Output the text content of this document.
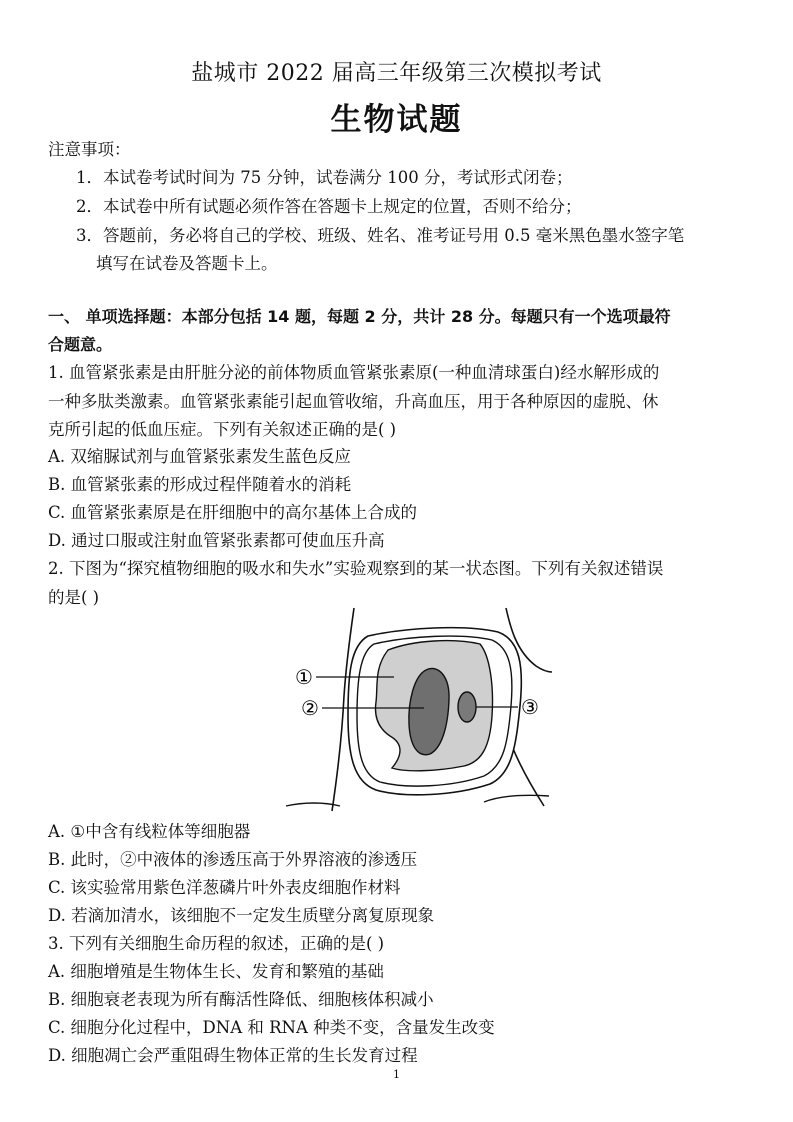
盐城市 2022 届高三年级第三次模拟考试
生物试题
注意事项：
1．本试卷考试时间为 75 分钟，试卷满分 100 分，考试形式闭卷；
2．本试卷中所有试题必须作答在答题卡上规定的位置，否则不给分；
3．答题前，务必将自己的学校、班级、姓名、准考证号用 0.5 毫米黑色墨水签字笔
填写在试卷及答题卡上。
一、 单项选择题：本部分包括 14 题，每题 2 分，共计 28 分。每题只有一个选项最符
合题意。
1. 血管紧张素是由肝脏分泌的前体物质血管紧张素原(一种血清球蛋白)经水解形成的
一种多肽类激素。血管紧张素能引起血管收缩，升高血压，用于各种原因的虚脱、休
克所引起的低血压症。下列有关叙述正确的是( )
A. 双缩脲试剂与血管紧张素发生蓝色反应
B. 血管紧张素的形成过程伴随着水的消耗
C. 血管紧张素原是在肝细胞中的高尔基体上合成的
D. 通过口服或注射血管紧张素都可使血压升高
2. 下图为“探究植物细胞的吸水和失水”实验观察到的某一状态图。下列有关叙述错误
的是( )
①
②	③
A. ①中含有线粒体等细胞器
B. 此时，②中液体的渗透压高于外界溶液的渗透压
C. 该实验常用紫色洋葱磷片叶外表皮细胞作材料
D. 若滴加清水，该细胞不一定发生质壁分离复原现象
3. 下列有关细胞生命历程的叙述，正确的是( )
A. 细胞增殖是生物体生长、发育和繁殖的基础
B. 细胞衰老表现为所有酶活性降低、细胞核体积减小
C. 细胞分化过程中，DNA 和 RNA 种类不变，含量发生改变
D. 细胞凋亡会严重阻碍生物体正常的生长发育过程
1
